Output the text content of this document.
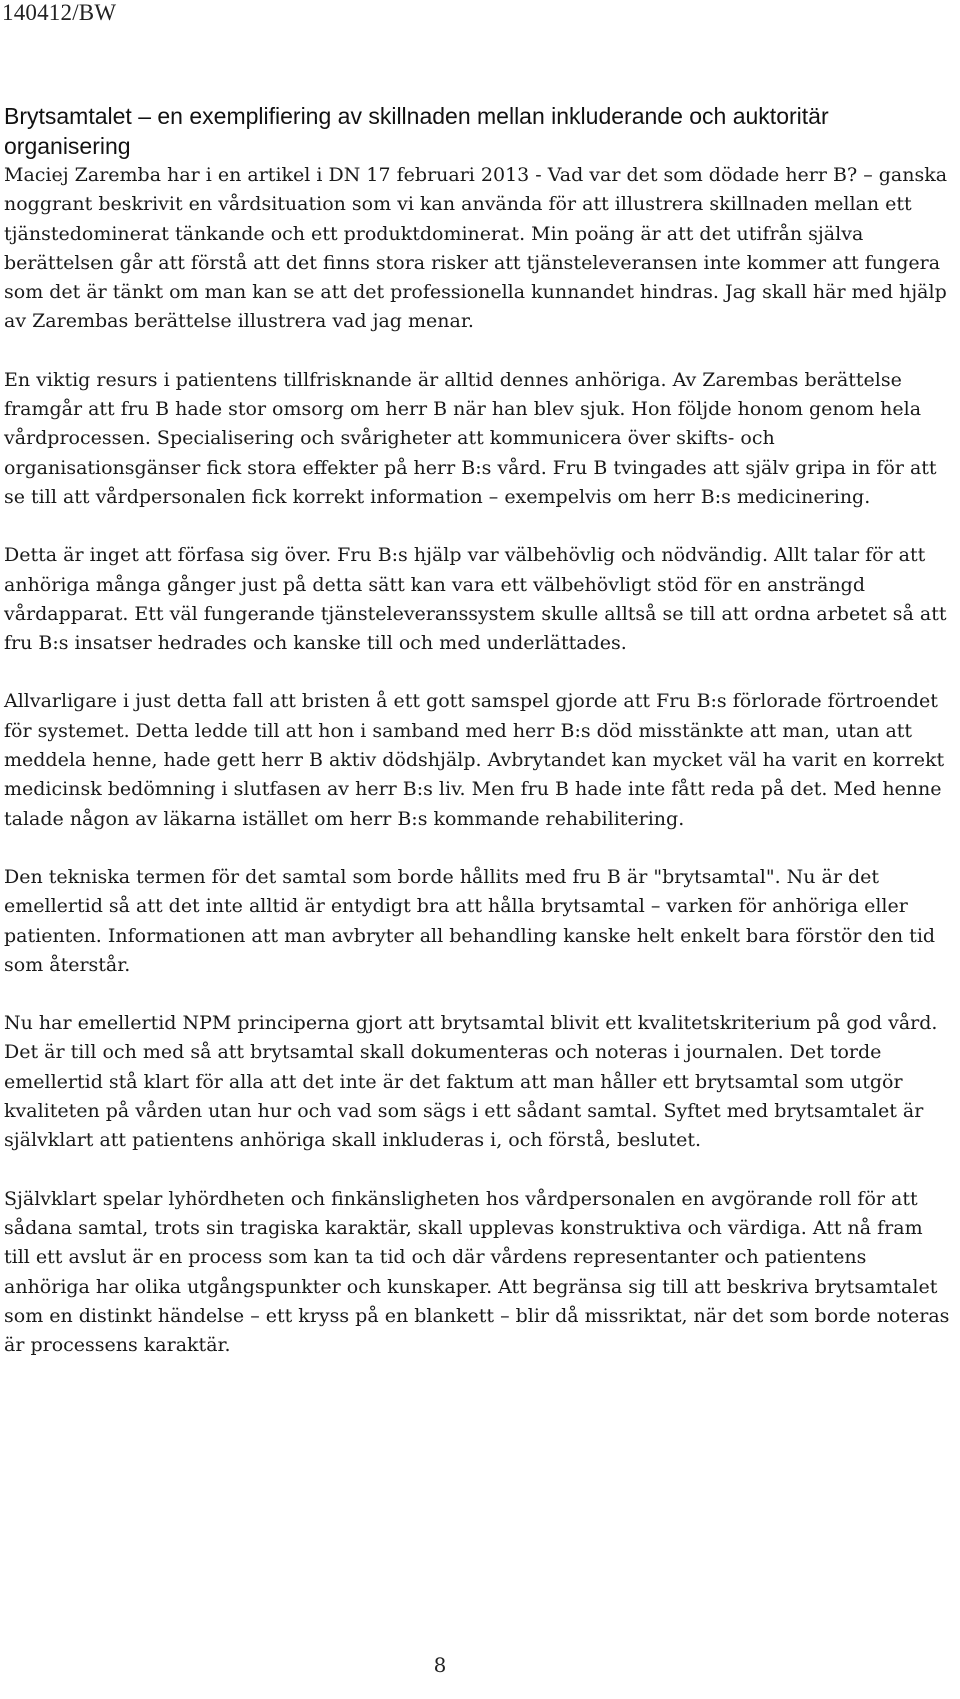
140412/BW
Brytsamtalet – en exemplifiering av skillnaden mellan inkluderande och auktoritär organisering

Maciej Zaremba har i en artikel i DN 17 februari 2013 - Vad var det som dödade herr B? – ganska noggrant beskrivit en vårdsituation som vi kan använda för att illustrera skillnaden mellan ett tjänstedominerat tänkande och ett produktdominerat. Min poäng är att det utifrån själva berättelsen går att förstå att det finns stora risker att tjänsteleveransen inte kommer att fungera som det är tänkt om man kan se att det professionella kunnandet hindras. Jag skall här med hjälp av Zarembas berättelse illustrera vad jag menar.

En viktig resurs i patientens tillfrisknande är alltid dennes anhöriga. Av Zarembas berättelse framgår att fru B hade stor omsorg om herr B när han blev sjuk. Hon följde honom genom hela vårdprocessen. Specialisering och svårigheter att kommunicera över skifts- och organisationsgänser fick stora effekter på herr B:s vård. Fru B tvingades att själv gripa in för att se till att vårdpersonalen fick korrekt information – exempelvis om herr B:s medicinering.

Detta är inget att förfasa sig över. Fru B:s hjälp var välbehövlig och nödvändig. Allt talar för att anhöriga många gånger just på detta sätt kan vara ett välbehövligt stöd för en ansträngd vårdapparat. Ett väl fungerande tjänsteleveranssystem skulle alltså se till att ordna arbetet så att fru B:s insatser hedrades och kanske till och med underlättades.

Allvarligare i just detta fall att bristen å ett gott samspel gjorde att Fru B:s förlorade förtroendet för systemet. Detta ledde till att hon i samband med herr B:s död misstänkte att man, utan att meddela henne, hade gett herr B aktiv dödshjälp. Avbrytandet kan mycket väl ha varit en korrekt medicinsk bedömning i slutfasen av herr B:s liv. Men fru B hade inte fått reda på det. Med henne talade någon av läkarna istället om herr B:s kommande rehabilitering.

Den tekniska termen för det samtal som borde hållits med fru B är "brytsamtal". Nu är det emellertid så att det inte alltid är entydigt bra att hålla brytsamtal – varken för anhöriga eller patienten. Informationen att man avbryter all behandling kanske helt enkelt bara förstör den tid som återstår.

Nu har emellertid NPM principerna gjort att brytsamtal blivit ett kvalitetskriterium på god vård. Det är till och med så att brytsamtal skall dokumenteras och noteras i journalen. Det torde emellertid stå klart för alla att det inte är det faktum att man håller ett brytsamtal som utgör kvaliteten på vården utan hur och vad som sägs i ett sådant samtal. Syftet med brytsamtalet är självklart att patientens anhöriga skall inkluderas i, och förstå, beslutet.

Självklart spelar lyhördheten och finkänsligheten hos vårdpersonalen en avgörande roll för att sådana samtal, trots sin tragiska karaktär, skall upplevas konstruktiva och värdiga. Att nå fram till ett avslut är en process som kan ta tid och där vårdens representanter och patientens anhöriga har olika utgångspunkter och kunskaper. Att begränsa sig till att beskriva brytsamtalet som en distinkt händelse – ett kryss på en blankett – blir då missriktat, när det som borde noteras är processens karaktär.

8
